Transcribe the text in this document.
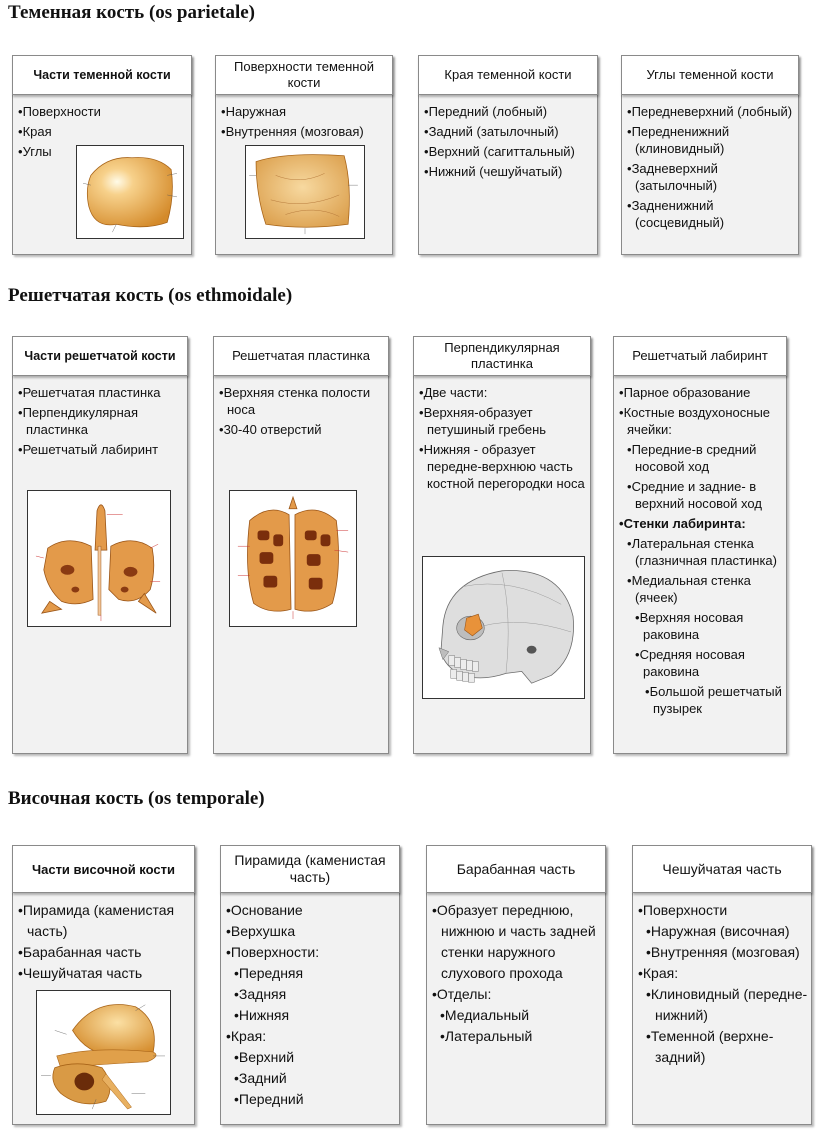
Теменная кость (os parietale)
Части теменной кости
• Поверхности
• Края
• Углы
Поверхности теменной кости
• Наружная
• Внутренняя (мозговая)
Края теменной кости
• Передний (лобный)
• Задний (затылочный)
• Верхний (сагиттальный)
• Нижний (чешуйчатый)
Углы теменной кости
• Передневерхний (лобный)
• Передненижний (клиновидный)
• Задневерхний (затылочный)
• Задненижний (сосцевидный)
Решетчатая кость (os ethmoidale)
Части решетчатой кости
• Решетчатая пластинка
• Перпендикулярная пластинка
• Решетчатый лабиринт
Решетчатая пластинка
• Верхняя стенка полости носа
• 30-40 отверстий
Перпендикулярная пластинка
• Две части:
• Верхняя-образует петушиный гребень
• Нижняя - образует передне-верхнюю часть костной перегородки носа
Решетчатый лабиринт
• Парное образование
• Костные воздухоносные ячейки:
• Передние-в средний носовой ход
• Средние и задние- в верхний носовой ход
• Стенки лабиринта:
• Латеральная стенка (глазничная пластинка)
• Медиальная стенка (ячеек)
• Верхняя носовая раковина
• Средняя носовая раковина
• Большой решетчатый пузырек
Височная кость (os temporale)
Части височной кости
• Пирамида (каменистая часть)
• Барабанная часть
• Чешуйчатая часть
Пирамида (каменистая часть)
• Основание
• Верхушка
• Поверхности:
• Передняя
• Задняя
• Нижняя
• Края:
• Верхний
• Задний
• Передний
Барабанная часть
• Образует переднюю, нижнюю и часть задней стенки наружного слухового прохода
• Отделы:
• Медиальный
• Латеральный
Чешуйчатая часть
• Поверхности
• Наружная (височная)
• Внутренняя (мозговая)
• Края:
• Клиновидный (передне-нижний)
• Теменной (верхне-задний)
